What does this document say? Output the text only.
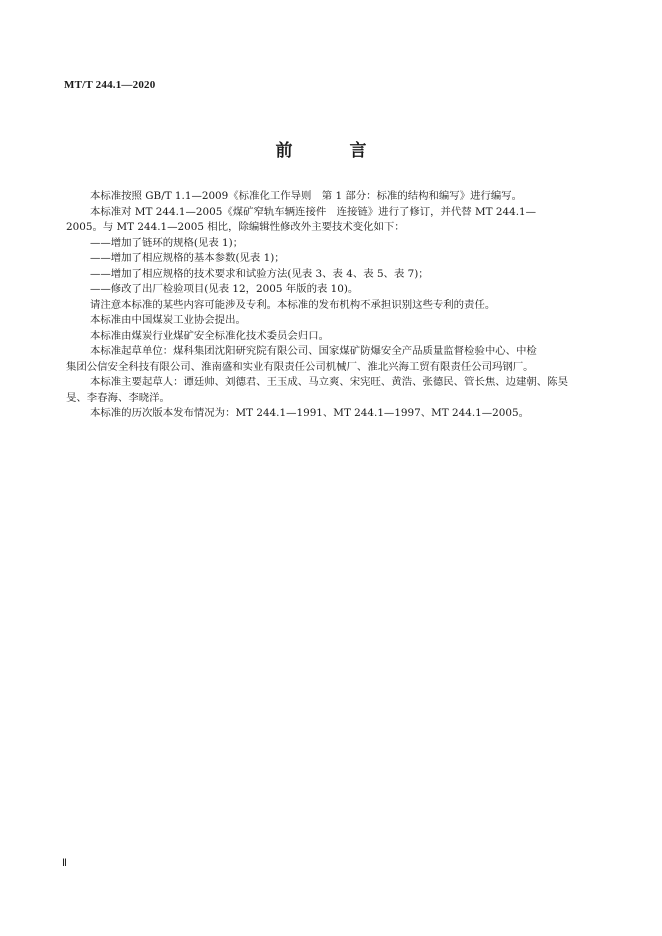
MT/T 244.1—2020
前　言

本标准按照 GB/T 1.1—2009《标准化工作导则　第 1 部分：标准的结构和编写》进行编写。

本标准对 MT 244.1—2005《煤矿窄轨车辆连接件　连接链》进行了修订，并代替 MT 244.1—

2005。与 MT 244.1—2005 相比，除编辑性修改外主要技术变化如下：

——增加了链环的规格(见表 1)；

——增加了相应规格的基本参数(见表 1)；

——增加了相应规格的技术要求和试验方法(见表 3、表 4、表 5、表 7)；

——修改了出厂检验项目(见表 12，2005 年版的表 10)。

请注意本标准的某些内容可能涉及专利。本标准的发布机构不承担识别这些专利的责任。

本标准由中国煤炭工业协会提出。

本标准由煤炭行业煤矿安全标准化技术委员会归口。

本标准起草单位：煤科集团沈阳研究院有限公司、国家煤矿防爆安全产品质量监督检验中心、中检

集团公信安全科技有限公司、淮南盛和实业有限责任公司机械厂、淮北兴海工贸有限责任公司玛钢厂。

本标准主要起草人：谭廷帅、刘德君、王玉成、马立爽、宋宪旺、黄浩、张德民、管长焦、边建朝、陈昊

旻、李春海、李晓洋。

本标准的历次版本发布情况为：MT 244.1—1991、MT 244.1—1997、MT 244.1—2005。

Ⅱ
